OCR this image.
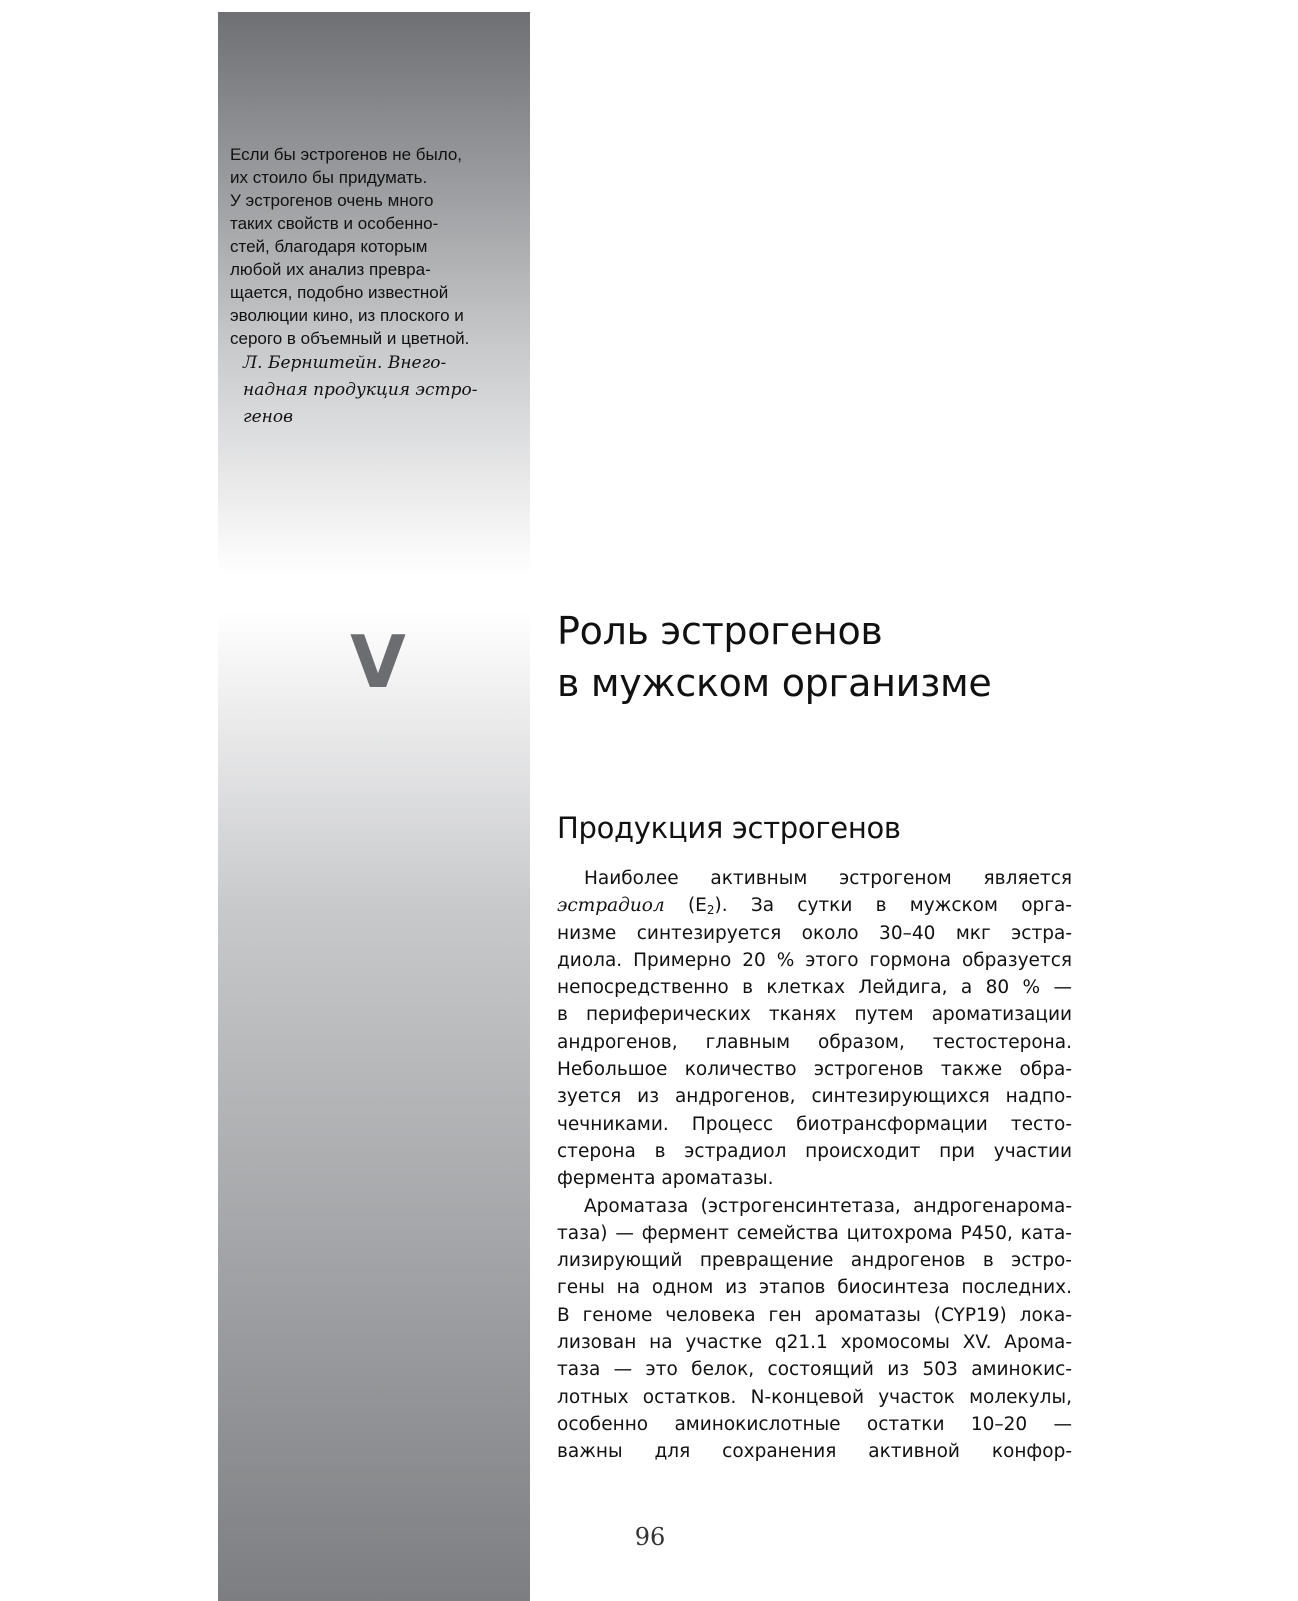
Если бы эстрогенов не было,
их стоило бы придумать.
У эстрогенов очень много
таких свойств и особенно-
стей, благодаря которым
любой их анализ превра-
щается, подобно известной
эволюции кино, из плоского и
серого в объемный и цветной.
Л. Бернштейн. Внего-
надная продукция эстро-
генов
V	Роль эстрогенов
в мужском организме
Продукция эстрогенов
Наиболее активным эстрогеном является
эстрадиол $(E_2)$. За сутки в мужском орга-
низме синтезируется около 30–40 мкг эстра-
диола. Примерно 20 % этого гормона образуется
непосредственно в клетках Лейдига, а 80 % —
в периферических тканях путем ароматизации
андрогенов, главным образом, тестостерона.
Небольшое количество эстрогенов также обра-
зуется из андрогенов, синтезирующихся надпо-
чечниками. Процесс биотрансформации тесто-
стерона в эстрадиол происходит при участии
фермента ароматазы.
Ароматаза (эстрогенсинтетаза, андрогенарома-
таза) — фермент семейства цитохрома P450, ката-
лизирующий превращение андрогенов в эстро-
гены на одном из этапов биосинтеза последних.
В геноме человека ген ароматазы (CYP19) лока-
лизован на участке q21.1 хромосомы XV. Арома-
таза — это белок, состоящий из 503 аминокис-
лотных остатков. N-концевой участок молекулы,
особенно аминокислотные остатки 10–20 —
важны для сохранения активной конфор-
96
